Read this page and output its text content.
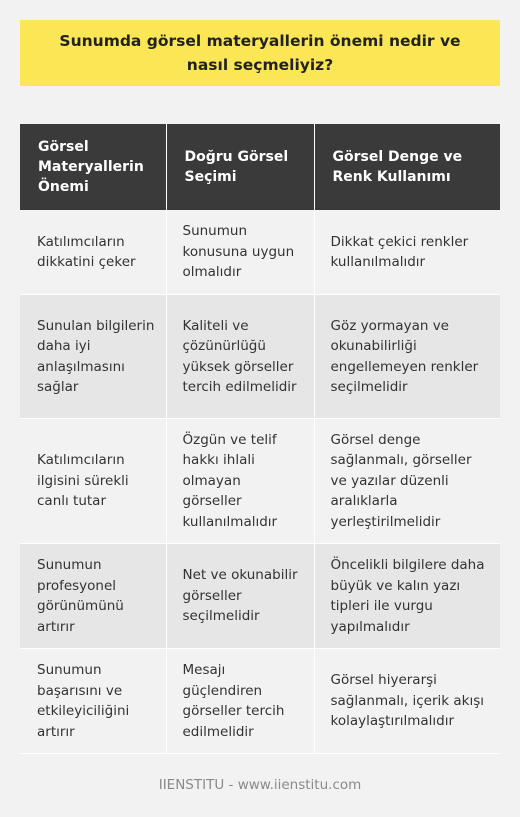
Sunumda görsel materyallerin önemi nedir ve nasıl seçmeliyiz?
Görsel Materyallerin Önemi	Doğru Görsel Seçimi	Görsel Denge ve Renk Kullanımı
Katılımcıların dikkatini çeker	Sunumun konusuna uygun olmalıdır	Dikkat çekici renkler kullanılmalıdır
Sunulan bilgilerin daha iyi anlaşılmasını sağlar	Kaliteli ve çözünürlüğü yüksek görseller tercih edilmelidir	Göz yormayan ve okunabilirliği engellemeyen renkler seçilmelidir
Katılımcıların ilgisini sürekli canlı tutar	Özgün ve telif hakkı ihlali olmayan görseller kullanılmalıdır	Görsel denge sağlanmalı, görseller ve yazılar düzenli aralıklarla yerleştirilmelidir
Sunumun profesyonel görünümünü artırır	Net ve okunabilir görseller seçilmelidir	Öncelikli bilgilere daha büyük ve kalın yazı tipleri ile vurgu yapılmalıdır
Sunumun başarısını ve etkileyiciliğini artırır	Mesajı güçlendiren görseller tercih edilmelidir	Görsel hiyerarşi sağlanmalı, içerik akışı kolaylaştırılmalıdır
IIENSTITU - www.iienstitu.com
